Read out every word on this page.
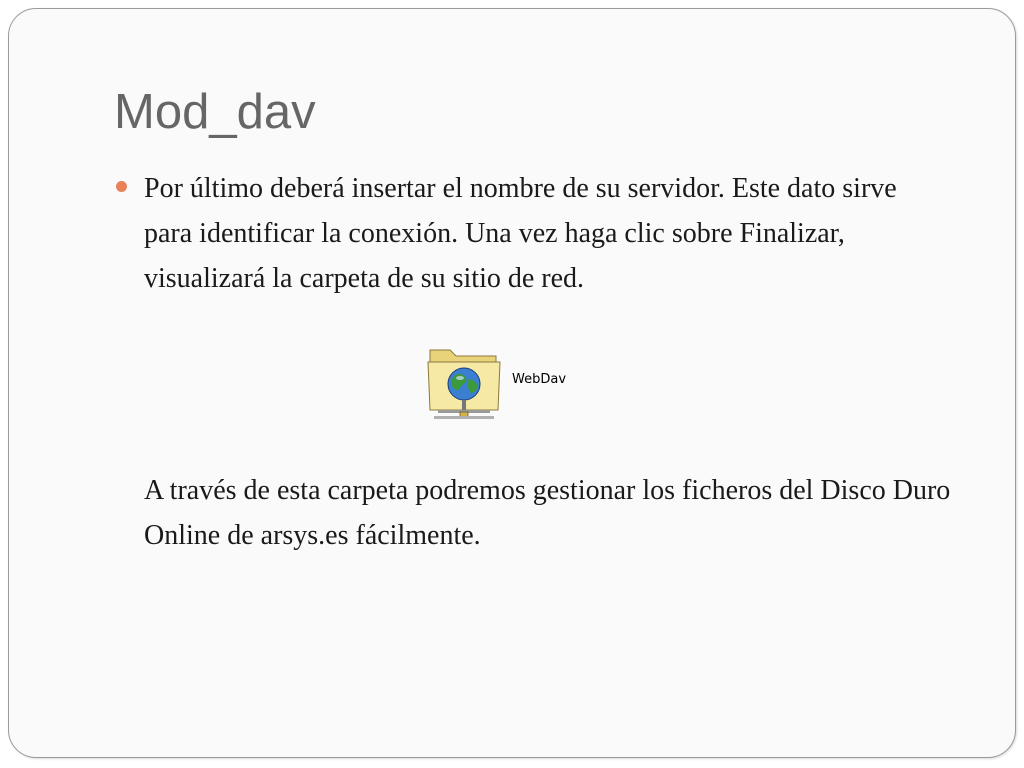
Mod_dav

Por último deberá insertar el nombre de su servidor. Este dato sirve para identificar la conexión. Una vez haga clic sobre Finalizar, visualizará la carpeta de su sitio de red.

WebDav

A través de esta carpeta podremos gestionar los ficheros del Disco Duro Online de arsys.es fácilmente.
